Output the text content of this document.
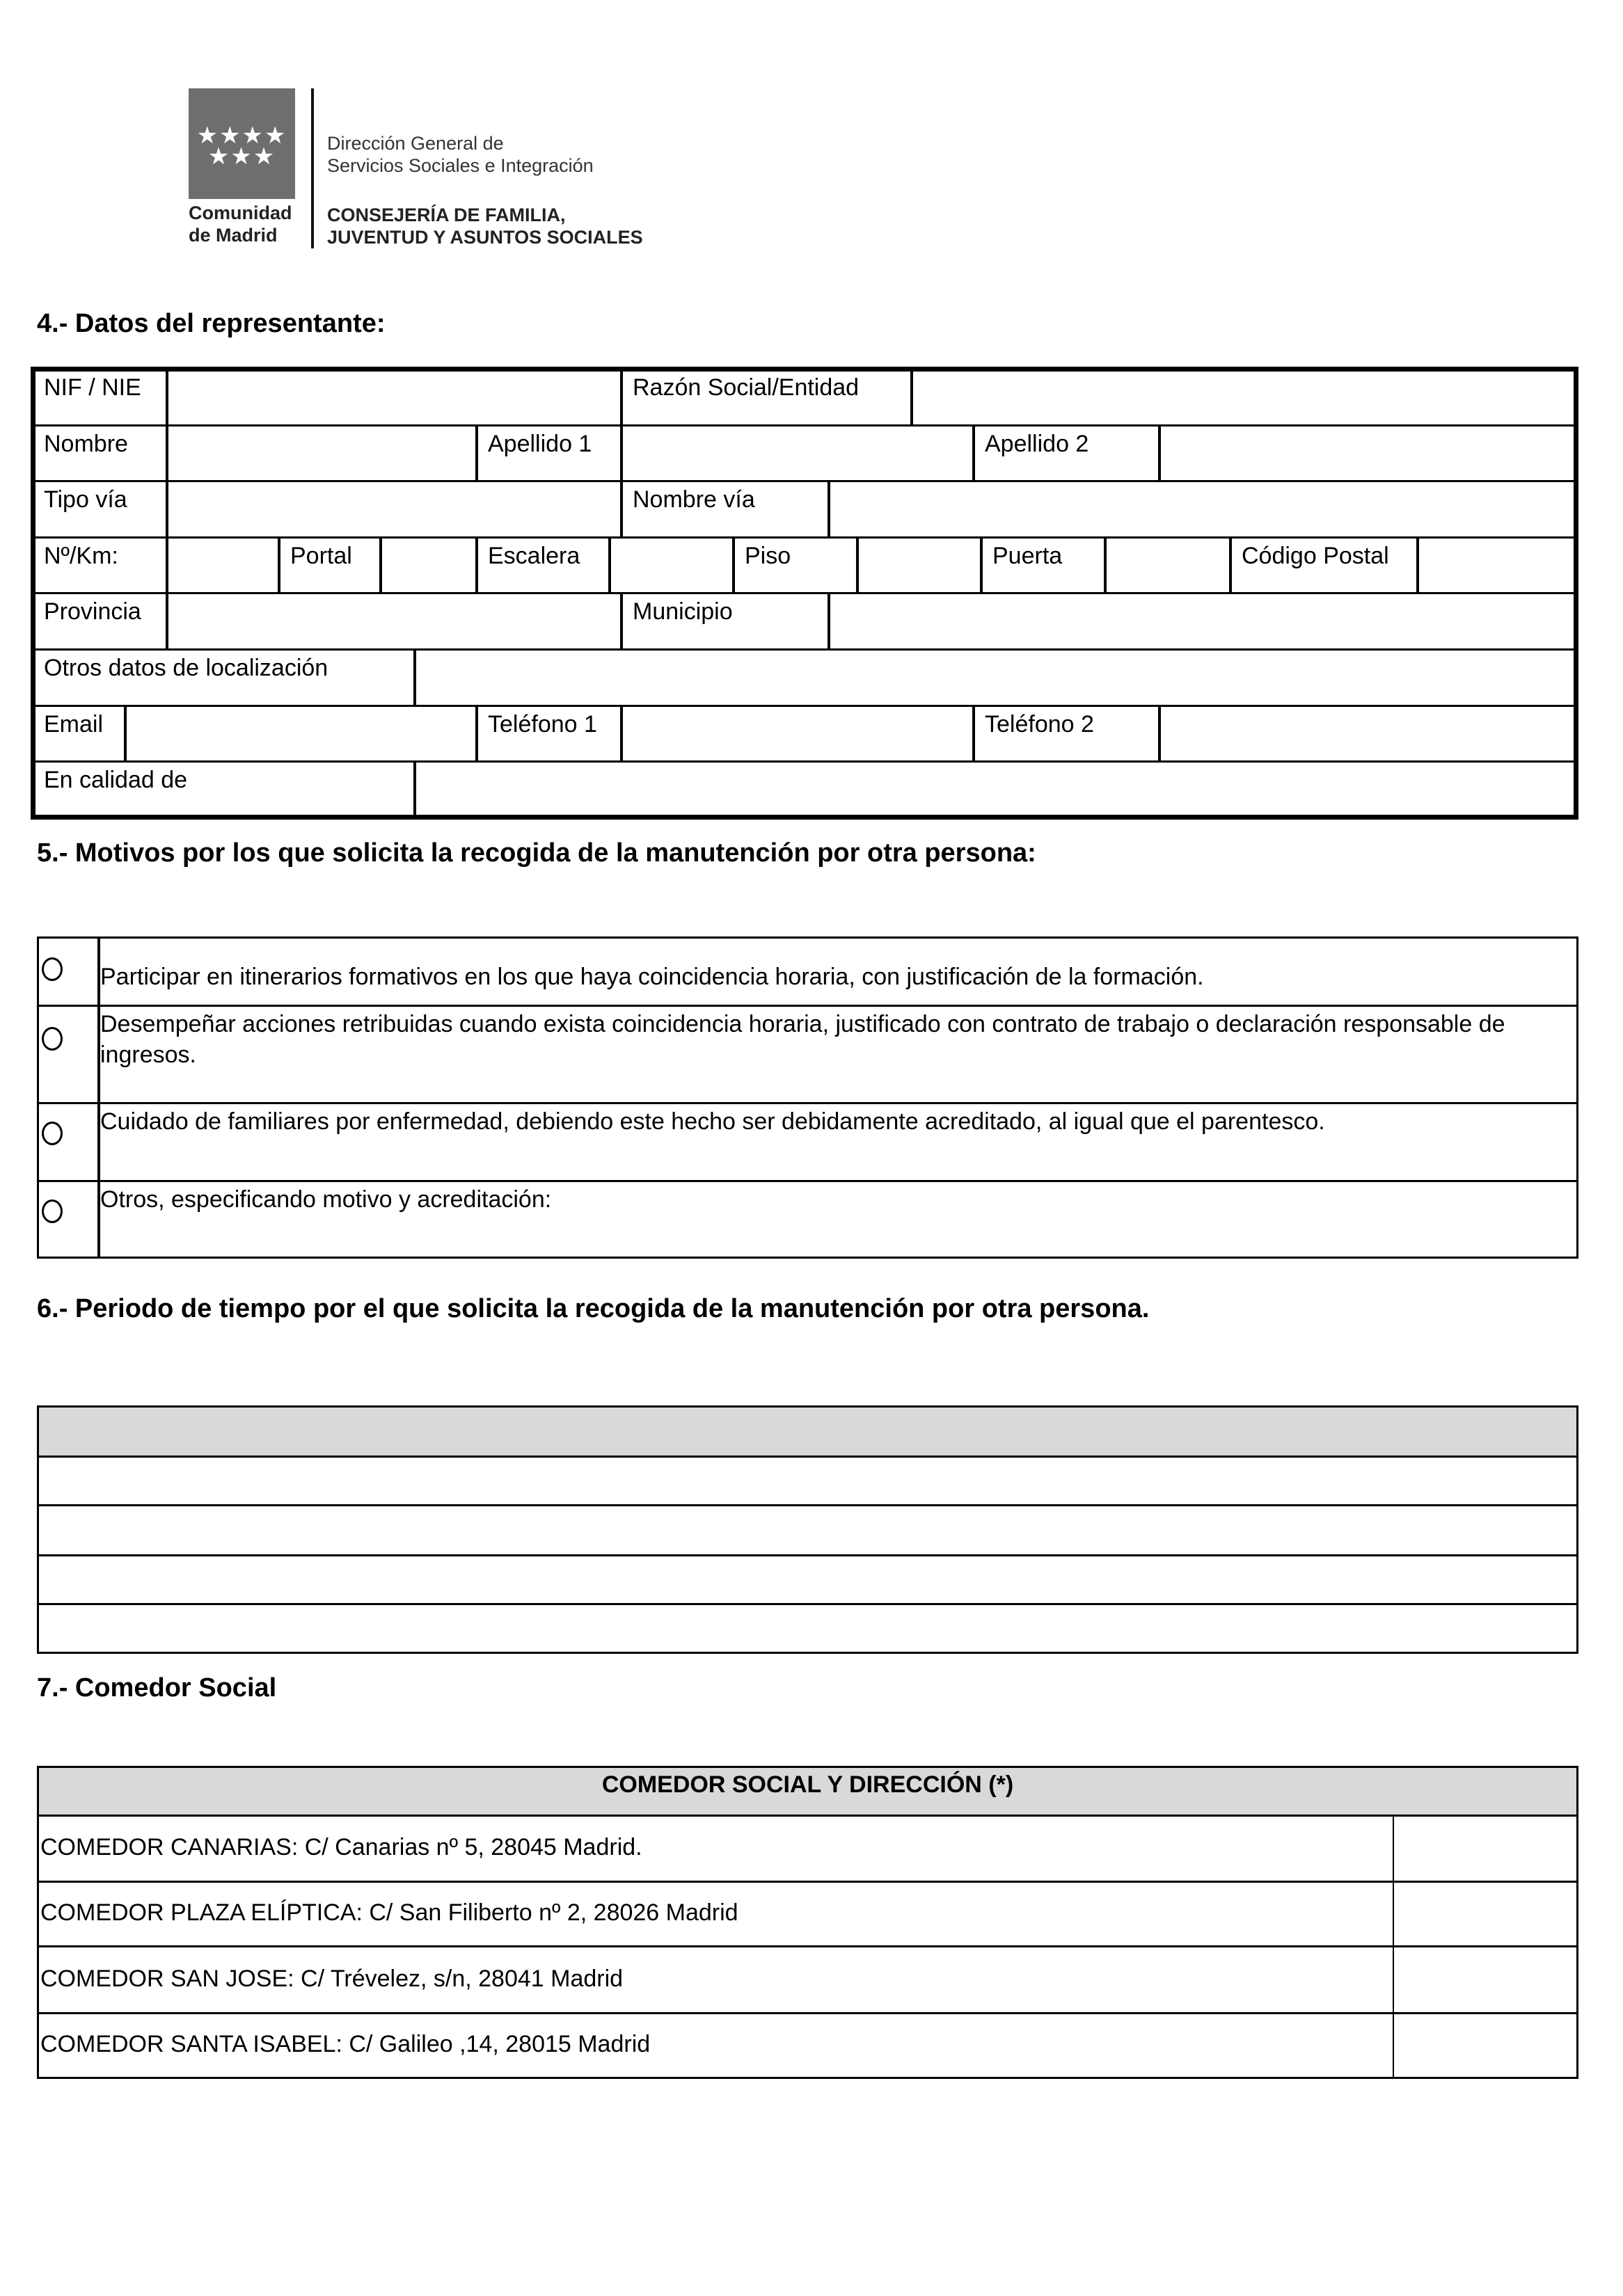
★★★★
★★★
Comunidad
de Madrid
Dirección General de
Servicios Sociales e Integración
CONSEJERÍA DE FAMILIA,
JUVENTUD Y ASUNTOS SOCIALES
4.- Datos del representante:
5.- Motivos por los que solicita la recogida de la manutención por otra persona:
6.- Periodo de tiempo por el que solicita la recogida de la manutención por otra persona.
7.- Comedor Social
NIF / NIE	Razón Social/Entidad
Nombre	Apellido 1	Apellido 2
Tipo vía	Nombre vía
Nº/Km:	Portal	Escalera	Piso	Puerta	Código Postal
Provincia	Municipio
Otros datos de localización
Email	Teléfono 1	Teléfono 2
En calidad de
Participar en itinerarios formativos en los que haya coincidencia horaria, con justificación de la formación.
Desempeñar acciones retribuidas cuando exista coincidencia horaria, justificado con contrato de trabajo o declaración responsable de ingresos.
Cuidado de familiares por enfermedad, debiendo este hecho ser debidamente acreditado, al igual que el parentesco.
Otros, especificando motivo y acreditación:
COMEDOR SOCIAL Y DIRECCIÓN (*)
COMEDOR CANARIAS: C/ Canarias nº 5, 28045 Madrid.
COMEDOR PLAZA ELÍPTICA: C/ San Filiberto nº 2, 28026 Madrid
COMEDOR SAN JOSE: C/ Trévelez, s/n, 28041 Madrid
COMEDOR SANTA ISABEL: C/ Galileo ,14, 28015 Madrid
